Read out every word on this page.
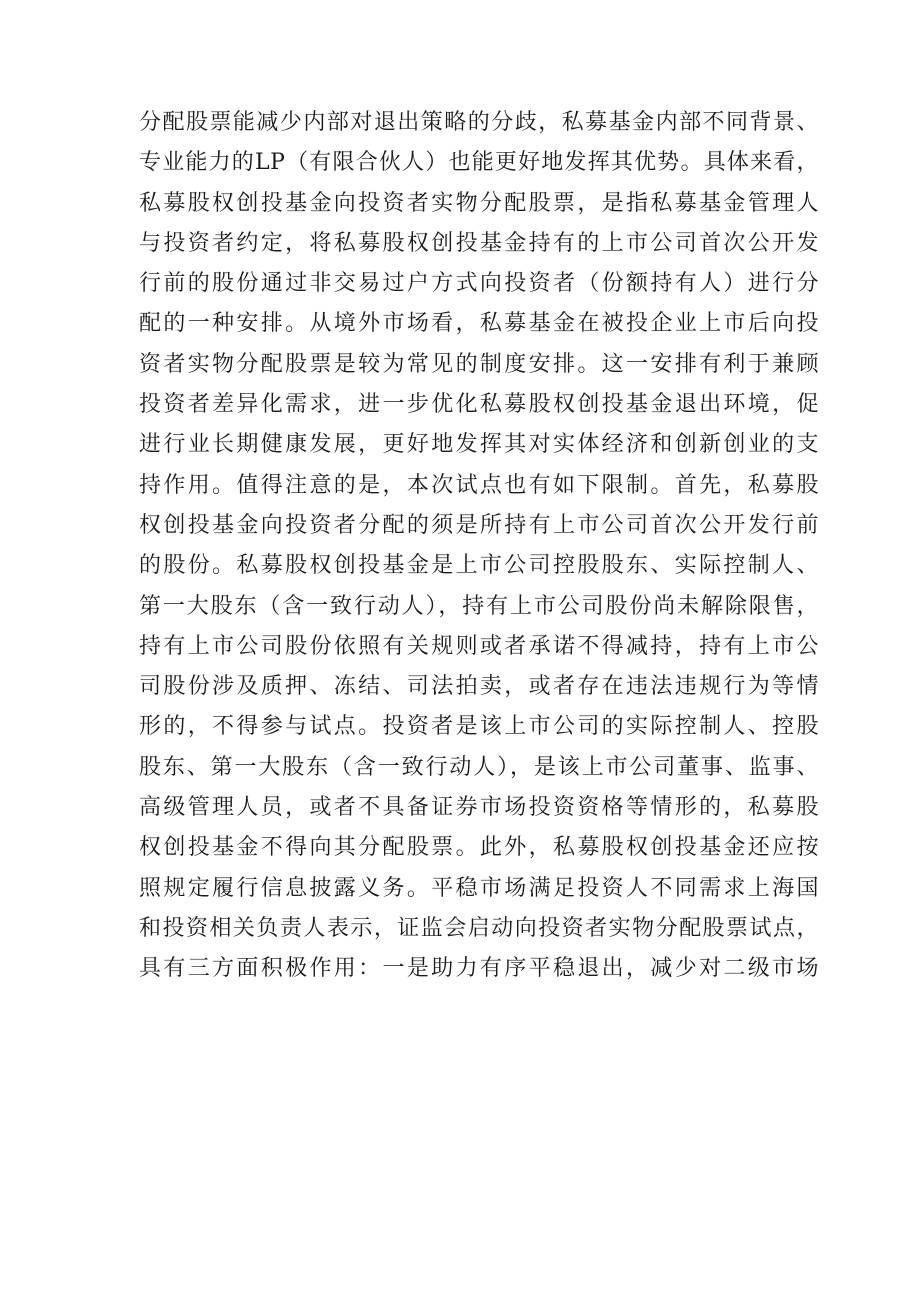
分配股票能减少内部对退出策略的分歧，私募基金内部不同背景、
专业能力的LP（有限合伙人）也能更好地发挥其优势。具体来看，
私募股权创投基金向投资者实物分配股票，是指私募基金管理人
与投资者约定，将私募股权创投基金持有的上市公司首次公开发
行前的股份通过非交易过户方式向投资者（份额持有人）进行分
配的一种安排。从境外市场看，私募基金在被投企业上市后向投
资者实物分配股票是较为常见的制度安排。这一安排有利于兼顾
投资者差异化需求，进一步优化私募股权创投基金退出环境，促
进行业长期健康发展，更好地发挥其对实体经济和创新创业的支
持作用。值得注意的是，本次试点也有如下限制。首先，私募股
权创投基金向投资者分配的须是所持有上市公司首次公开发行前
的股份。私募股权创投基金是上市公司控股股东、实际控制人、
第一大股东（含一致行动人），持有上市公司股份尚未解除限售，
持有上市公司股份依照有关规则或者承诺不得减持，持有上市公
司股份涉及质押、冻结、司法拍卖，或者存在违法违规行为等情
形的，不得参与试点。投资者是该上市公司的实际控制人、控股
股东、第一大股东（含一致行动人），是该上市公司董事、监事、
高级管理人员，或者不具备证券市场投资资格等情形的，私募股
权创投基金不得向其分配股票。此外，私募股权创投基金还应按
照规定履行信息披露义务。平稳市场满足投资人不同需求上海国
和投资相关负责人表示，证监会启动向投资者实物分配股票试点，
具有三方面积极作用：一是助力有序平稳退出，减少对二级市场
